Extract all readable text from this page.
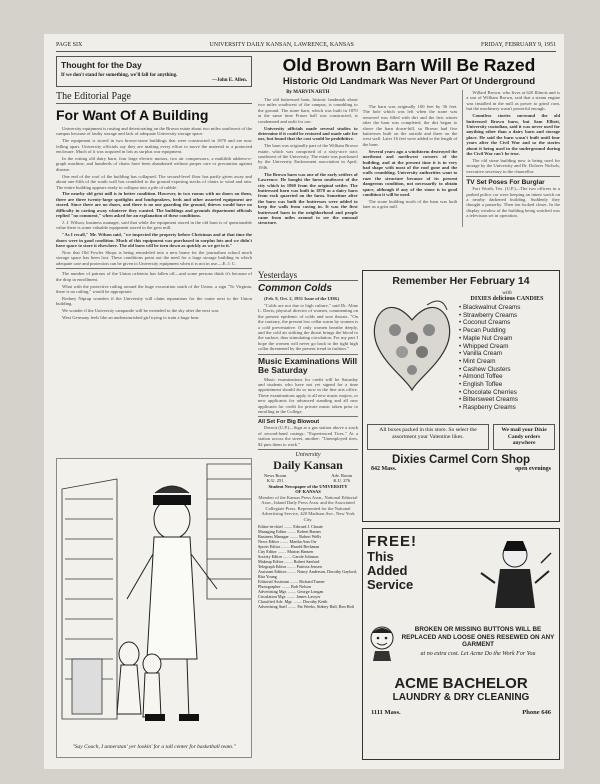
PAGE SIX	UNIVERSITY DAILY KANSAN, LAWRENCE, KANSAS	FRIDAY, FEBRUARY 9, 1951
Thought for the Day
If we don't stand for something, we'll fall for anything.
—John E. Allen.
The Editorial Page
For Want Of A Building

University equipment is rusting and deteriorating on the Brown estate about two miles southwest of the campus because of faulty storage and lack of adequate University storage space.

The equipment is stored in two brown-stone buildings that were constructed in 1870 and are now falling apart. University officials say they are making every effort to move the material to a protected enclosure. Much of it was acquired in lots as surplus war equipment.

In the rotting old dairy barn, four large electric motors, two air compressors, a multilith address-o-graph machine, and hundreds of chairs have been abandoned without proper care or precaution against disease.

One end of the roof of the building has collapsed. The second-level floor has partly given away and about one-fifth of the south wall has crumbled to the ground exposing stacks of chairs to wind and rain. The entire building appears ready to collapse into a pile of rubble.

The nearby old grist mill is in better condition. However, in two rooms with no doors on them, there are three twenty-large spotlights and loudspeakers, beds and other assorted equipment are stored. Since there are no doors, and there is no one guarding the ground, thieves would have no difficulty in carting away whatever they wanted. The buildings and grounds department officials replied "no comment," when asked for an explanation of these conditions.

J. J. Wilson, business manager, said that while the equipment stored in the old barn is of questionable value there is some valuable equipment stored in the grist mill.

"As I recall," Mr. Wilson said, "we inspected the property before Christmas and at that time the doors were in good condition. Much of this equipment was purchased in surplus lots and we didn't have space to store it elsewhere. The old barn will be torn down as quickly as we get to it."

Now that Old Fowler Shops is being remodeled into a new home for the journalism school much storage space has been lost. These conditions point out the need for a large storage building in which adequate care and protection can be given to University equipment when it is not in use.—E. J. C.

The number of patrons of the Union cafeteria has fallen off—and some persons think it's because of the drop in enrollment.

What with the protective railing around the huge excavation south of the Union, a sign "To Virginia, there is no railing," would be appropriate.

Rodney Niptup wonders if the University will claim reparations for the crater next to the Union building.

We wonder if the University campanile will be extended to the sky after the next war.

West Germany feels like an undernourished girl trying to train a huge bear.

"Say Coach, I unnerstan' yer lookin' for a tall center for basketball team."
Old Brown Barn Will Be Razed
Historic Old Landmark Was Never Part Of Underground
By MARVIN ARTH

The old buttressed barn, historic landmark about two miles southwest of the campus, is crumbling to the ground. The stone barn, which was built in 1870 at the same time Fraser hall was constructed, is condemned and unfit for use.

University officials made several studies to determine if it could be restored and made safe for use, but found that the cost would be prohibitive.

The barn was originally part of the William Brown estate, which was comprised of a sixty-acre tract southwest of the University. The estate was purchased by the University Endowment association in April, 1946.

The Brown barn was one of the early settlers of Lawrence. He bought the farm southwest of the city which in 1860 from the original settler. The buttressed barn was built in 1870 as a dairy barn from rock quarried on the farm. Sometime after the barn was built the buttresses were added to keep the walls from caving in. It was the first buttressed barn in the neighborhood and people came from miles around to see the unusual structure.

The barn was originally 100 feet by 36 feet. The hole which was left when the stone was removed was filled with dirt and the first winter after the barn was completed, the dirt began to shove the barn down-hill, so Brown had five buttresses built on the outside and three on the west wall. Later 16 feet were added to the length of the barn.

Several years ago a windstorm destroyed the northeast and northwest corners of the building, and at the present time it is in very bad shape with most of the roof gone and the walls crumbling. University authorities want to raze the structure because of its present dangerous condition, not necessarily to obtain space, although if any of the stone is in good condition it will be used.

The stone building north of the barn was built later as a grist mill.

Willard Brown, who lives at 620 Illinois and is a son of William Brown, said that a steam engine was installed in the mill as power to grind corn, but the machinery wasn't powerful enough.

Countless stories surround the old buttressed Brown barn, but Sam Elliott, University custodian, said it was never used for anything other than a dairy barn and storage place. He said the barn wasn't built until four years after the Civil War and so the stories about it being used in the underground during the Civil War can't be true.

The old stone building now is being used for storage by the University and Dr. Dolores Nichols, executive secretary to the chancellor.

TV Set Poses For Burglar

Fort Worth, Tex. (U.P.)—The two officers in a parked police car were keeping an intent watch on a nearby darkened building. Suddenly they thought a passerby. Then ion looked closer. In the display window of the building being watched was a television set in operation.

Yesterdays
Common Colds

(Feb. 9, Oct. 2, 1951 Issue of the UDK)

"Colds are not due to high culture," said Dr. Aline L. Davis, physical director of women, commenting on the present epidemic of colds and sore throats. "On the contrary, the present low cellar warm by women is a cold preventative. If only women breathe deeply, and the cold air striking the throat brings the blood to the surface, thus stimulating circulation. For my part I hope the women will never go back to the tight high collar threatened by the present trend in fashion."

Music Examinations Will Be Saturday

Music examinations for credit will be Saturday and students who have not yet signed for a time appointment should do so now in the fine arts office. These examinations apply to all new music majors, or new applicants for advanced standing and all new applicants for credit for private music taken prior to enrolling in the College.

All Set For Big Blowout

Detroit (U.P.)—Sign at a gas station above a stack of second-hand casings: "Experienced Tires." At a station across the street, another: "Unemployed tires, $2 puts them to work."

University
Daily Kansan
News Room
K.U. 251
Adv. Room
K.U. 276
Student Newspaper of the UNIVERSITY OF KANSAS

Member of the Kansas Press Assn., National Editorial Assn., Inland Daily Press Assn. and the Associated Collegiate Press. Represented for the National Advertising Service, 420 Madison Ave., New York City.

Editor-in-chief ........ Edward J. Choate
Managing Editor ........ Robert Barnes
Business Manager ........ Robert Wells
News Editor ........ Martha Ann Orr
Sports Editor ........ Harold Beckman
City Editor ........ Marion Hansen
Society Editor ........ Carole Johnson
Makeup Editor ........ Robert Sanford
Telegraph Editor ........ Patricia Jensen
Assistant Editors ........ Nancy Anderson, Dorothy Gaylord, Rita Young
Editorial Assistant ........ Richard Turner
Photographer ........ Bob Nelson
Advertising Mgr. ........ George Longan
Circulation Mgr. ........ James Lawyer
Classified Adv. Mgr. ........ Dorothy Keith
Advertising Staff ........ Pat Weeks, Sidney Hall, Ben Holt
Remember Her February 14
with
DIXIES delicious CANDIES
• Blackwalnut Creams
• Strawberry Creams
• Coconut Creams
• Pecan Pudding
• Maple Nut Cream
• Whipped Cream
• Vanilla Cream
• Mint Cream
• Cashew Clusters
• Almond Toffee
• English Toffee
• Chocolate Cherries
• Bittersweet Creams
• Raspberry Creams
All boxes packed in this store. So select the assortment your Valentine likes.
We mail your Dixie Candy orders anywhere
Dixies Carmel Corn Shop
842 Mass.	open evenings
FREE!
This
Added
Service
BROKEN OR MISSING BUTTONS WILL BE REPLACED AND LOOSE ONES RESEWED ON ANY GARMENT
at no extra cost. Let Acme Do the Work For You
ACME BACHELOR
LAUNDRY & DRY CLEANING
1111 Mass.	Phone 646
